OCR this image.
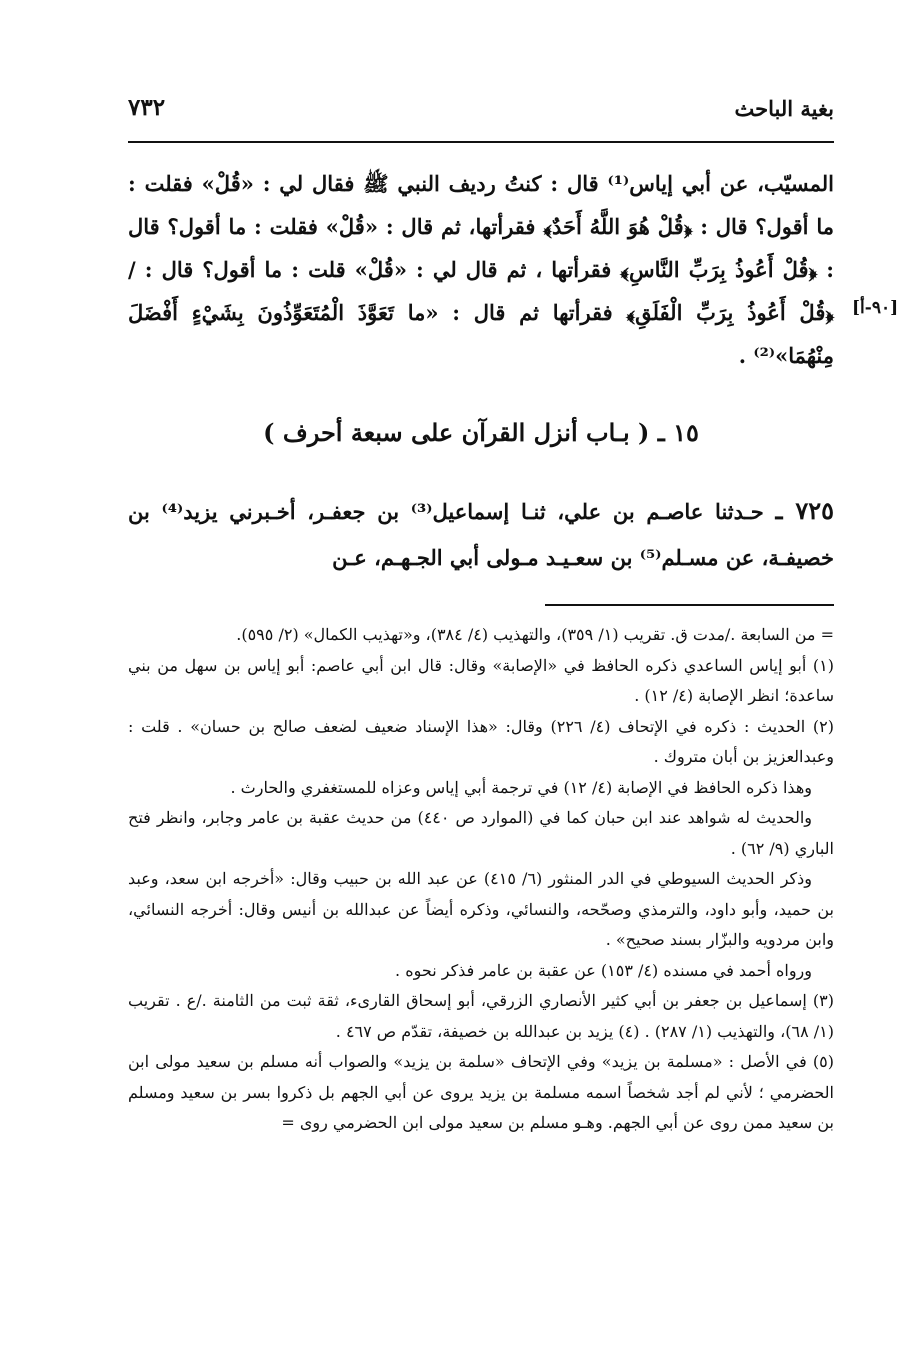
بغية الباحث
٧٣٢

المسيّب، عن أبي إياس⁽¹⁾ قال : كنتُ رديف النبي ﷺ فقال لي : «قُلْ» فقلت : ما أقول؟ قال : ﴿قُلْ هُوَ اللَّهُ أَحَدٌ﴾ فقرأتها، ثم قال : «قُلْ» فقلت : ما أقول؟ قال : ﴿قُلْ أَعُوذُ بِرَبِّ النَّاسِ﴾ فقرأتها ، ثم قال لي : «قُلْ» قلت : ما أقول؟ قال : / ﴿قُلْ أَعُوذُ بِرَبِّ الْفَلَقِ﴾ فقرأتها ثم قال : «ما تَعَوَّذَ الْمُتَعَوِّذُونَ بِشَيْءٍ أَفْضَلَ مِنْهُمَا»⁽²⁾ .

[٩٠-أ]
١٥ ـ ( بـاب أنزل القرآن على سبعة أحرف )
٧٢٥ ـ حـدثنا عاصـم بن علي، ثنـا إسماعيل⁽³⁾ بن جعفـر، أخـبرني يزيد⁽⁴⁾ بن خصيفـة، عن مسـلم⁽⁵⁾ بن سعـيـد مـولى أبي الجـهـم، عـن

= من السابعة ./مدت ق. تقريب (١/ ٣٥٩)، والتهذيب (٤/ ٣٨٤)، و«تهذيب الكمال» (٢/ ٥٩٥).

(١) أبو إياس الساعدي ذكره الحافظ في «الإصابة» وقال: قال ابن أبي عاصم: أبو إياس بن سهل من بني ساعدة؛ انظر الإصابة (٤/ ١٢) .

(٢) الحديث : ذكره في الإتحاف (٤/ ٢٢٦) وقال: «هذا الإسناد ضعيف لضعف صالح بن حسان» . قلت : وعبدالعزيز بن أبان متروك .

وهذا ذكره الحافظ في الإصابة (٤/ ١٢) في ترجمة أبي إياس وعزاه للمستغفري والحارث .

والحديث له شواهد عند ابن حبان كما في (الموارد ص ٤٤٠) من حديث عقبة بن عامر وجابر، وانظر فتح الباري (٩/ ٦٢) .

وذكر الحديث السيوطي في الدر المنثور (٦/ ٤١٥) عن عبد الله بن حبيب وقال: «أخرجه ابن سعد، وعبد بن حميد، وأبو داود، والترمذي وصحّحه، والنسائي، وذكره أيضاً عن عبدالله بن أنيس وقال: أخرجه النسائي، وابن مردويه والبزّار بسند صحيح» .

ورواه أحمد في مسنده (٤/ ١٥٣) عن عقبة بن عامر فذكر نحوه .

(٣) إسماعيل بن جعفر بن أبي كثير الأنصاري الزرقي، أبو إسحاق القارىء، ثقة ثبت من الثامنة ./ع . تقريب (١/ ٦٨)، والتهذيب (١/ ٢٨٧) . (٤) يزيد بن عبدالله بن خصيفة، تقدّم ص ٤٦٧ .

(٥) في الأصل : «مسلمة بن يزيد» وفي الإتحاف «سلمة بن يزيد» والصواب أنه مسلم بن سعيد مولى ابن الحضرمي ؛ لأني لم أجد شخصاً اسمه مسلمة بن يزيد يروى عن أبي الجهم بل ذكروا بسر بن سعيد ومسلم بن سعيد ممن روى عن أبي الجهم. وهـو مسلم بن سعيد مولى ابن الحضرمي روى =
